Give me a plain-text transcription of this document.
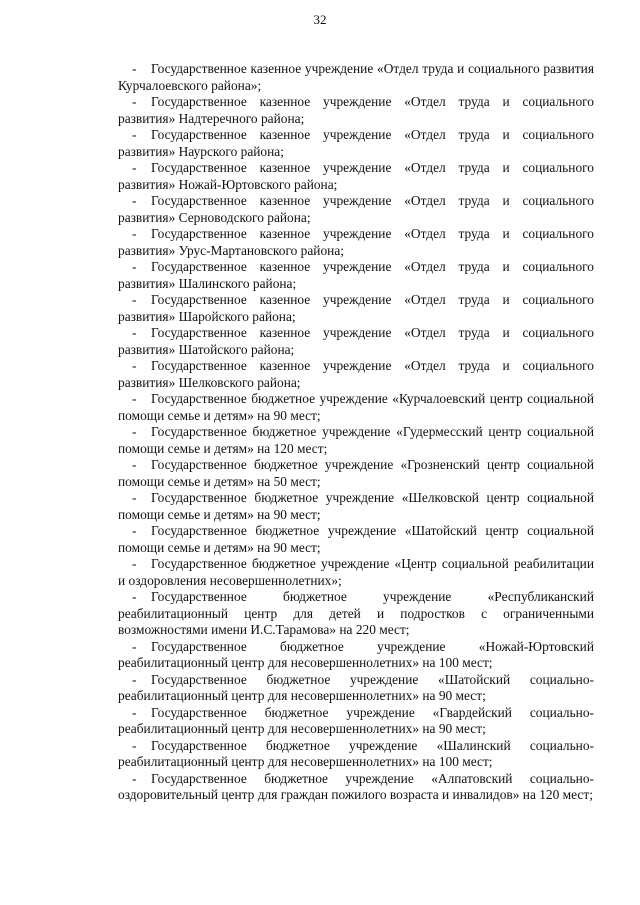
32

- Государственное казенное учреждение «Отдел труда и социального развития Курчалоевского района»;

- Государственное казенное учреждение «Отдел труда и социального развития» Надтеречного района;

- Государственное казенное учреждение «Отдел труда и социального развития» Наурского района;

- Государственное казенное учреждение «Отдел труда и социального развития» Ножай-Юртовского района;

- Государственное казенное учреждение «Отдел труда и социального развития» Серноводского района;

- Государственное казенное учреждение «Отдел труда и социального развития» Урус-Мартановского района;

- Государственное казенное учреждение «Отдел труда и социального развития» Шалинского района;

- Государственное казенное учреждение «Отдел труда и социального развития» Шаройского района;

- Государственное казенное учреждение «Отдел труда и социального развития» Шатойского района;

- Государственное казенное учреждение «Отдел труда и социального развития» Шелковского района;

- Государственное бюджетное учреждение «Курчалоевский центр социальной помощи семье и детям» на 90 мест;

- Государственное бюджетное учреждение «Гудермесский центр социальной помощи семье и детям» на 120 мест;

- Государственное бюджетное учреждение «Грозненский центр социальной помощи семье и детям» на 50 мест;

- Государственное бюджетное учреждение «Шелковской центр социальной помощи семье и детям» на 90 мест;

- Государственное бюджетное учреждение «Шатойский центр социальной помощи семье и детям» на 90 мест;

- Государственное бюджетное учреждение «Центр социальной реабилитации и оздоровления несовершеннолетних»;

- Государственное бюджетное учреждение «Республиканский реабилитационный центр для детей и подростков с ограниченными возможностями имени И.С.Тарамова» на 220 мест;

- Государственное бюджетное учреждение «Ножай-Юртовский реабилитационный центр для несовершеннолетних» на 100 мест;

- Государственное бюджетное учреждение «Шатойский социально-реабилитационный центр для несовершеннолетних» на 90 мест;

- Государственное бюджетное учреждение «Гвардейский социально-реабилитационный центр для несовершеннолетних» на 90 мест;

- Государственное бюджетное учреждение «Шалинский социально-реабилитационный центр для несовершеннолетних» на 100 мест;

- Государственное бюджетное учреждение «Алпатовский социально-оздоровительный центр для граждан пожилого возраста и инвалидов» на 120 мест;
